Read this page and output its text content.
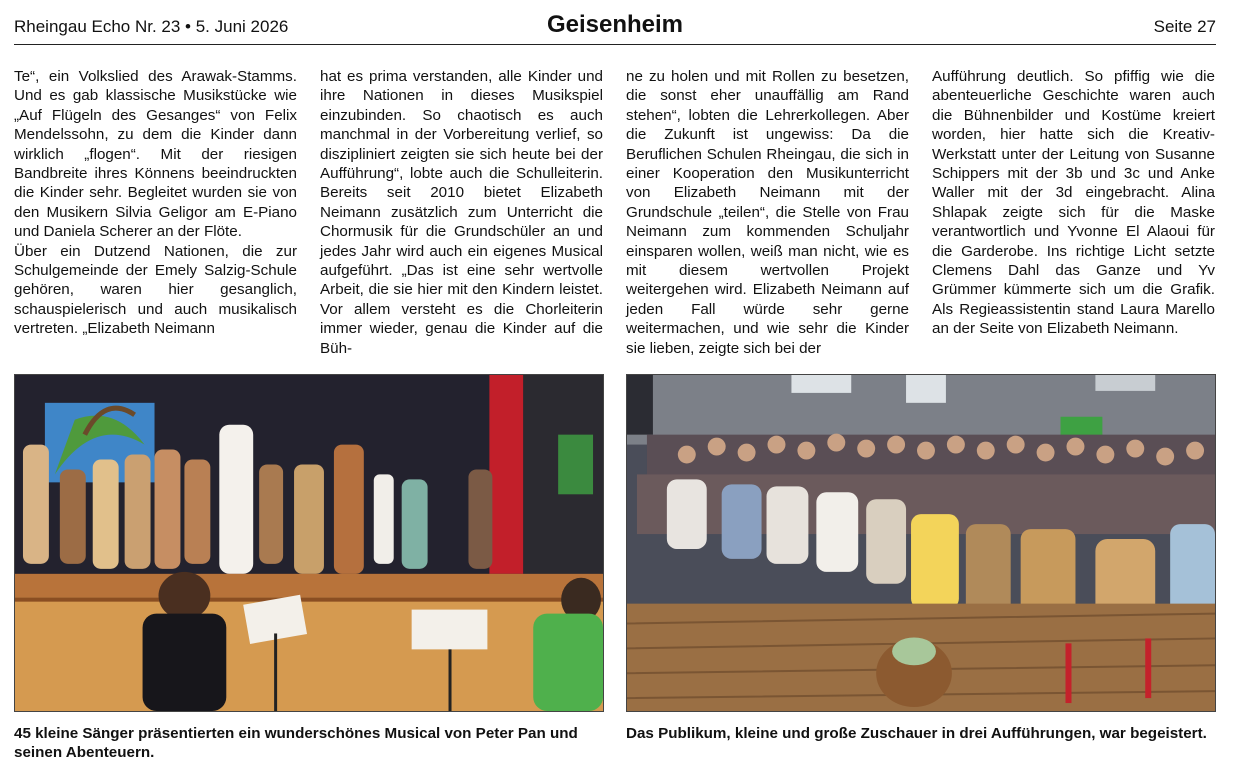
Rheingau Echo Nr. 23 • 5. Juni 2026	Geisenheim	Seite 27

Te“, ein Volkslied des Arawak-Stamms. Und es gab klassische Musikstücke wie „Auf Flügeln des Gesanges“ von Felix Mendelssohn, zu dem die Kinder dann wirklich „flogen“. Mit der riesigen Bandbreite ihres Könnens beeindruckten die Kinder sehr. Begleitet wurden sie von den Musikern Silvia Geligor am E-Piano und Daniela Scherer an der Flöte.

Über ein Dutzend Nationen, die zur Schulgemeinde der Emely Salzig-Schule gehören, waren hier gesanglich, schauspielerisch und auch musikalisch vertreten. „Elizabeth Neimann

hat es prima verstanden, alle Kinder und ihre Nationen in dieses Musikspiel einzubinden. So chaotisch es auch manchmal in der Vorbereitung verlief, so diszipliniert zeigten sie sich heute bei der Aufführung“, lobte auch die Schulleiterin. Bereits seit 2010 bietet Elizabeth Neimann zusätzlich zum Unterricht die Chormusik für die Grundschüler an und jedes Jahr wird auch ein eigenes Musical aufgeführt. „Das ist eine sehr wertvolle Arbeit, die sie hier mit den Kindern leistet. Vor allem versteht es die Chorleiterin immer wieder, genau die Kinder auf die Büh-

ne zu holen und mit Rollen zu besetzen, die sonst eher unauffällig am Rand stehen“, lobten die Lehrerkollegen. Aber die Zukunft ist ungewiss: Da die Beruflichen Schulen Rheingau, die sich in einer Kooperation den Musikunterricht von Elizabeth Neimann mit der Grundschule „teilen“, die Stelle von Frau Neimann zum kommenden Schuljahr einsparen wollen, weiß man nicht, wie es mit diesem wertvollen Projekt weitergehen wird. Elizabeth Neimann auf jeden Fall würde sehr gerne weitermachen, und wie sehr die Kinder sie lieben, zeigte sich bei der

Aufführung deutlich. So pfiffig wie die abenteuerliche Geschichte waren auch die Bühnenbilder und Kostüme kreiert worden, hier hatte sich die Kreativ-Werkstatt unter der Leitung von Susanne Schippers mit der 3b und 3c und Anke Waller mit der 3d eingebracht. Alina Shlapak zeigte sich für die Maske verantwortlich und Yvonne El Alaoui für die Garderobe. Ins richtige Licht setzte Clemens Dahl das Ganze und Yv Grümmer kümmerte sich um die Grafik. Als Regieassistentin stand Laura Marello an der Seite von Elizabeth Neimann.

45 kleine Sänger präsentierten ein wunderschönes Musical von Peter Pan und seinen Abenteuern.
Das Publikum, kleine und große Zuschauer in drei Aufführungen, war begeistert.
